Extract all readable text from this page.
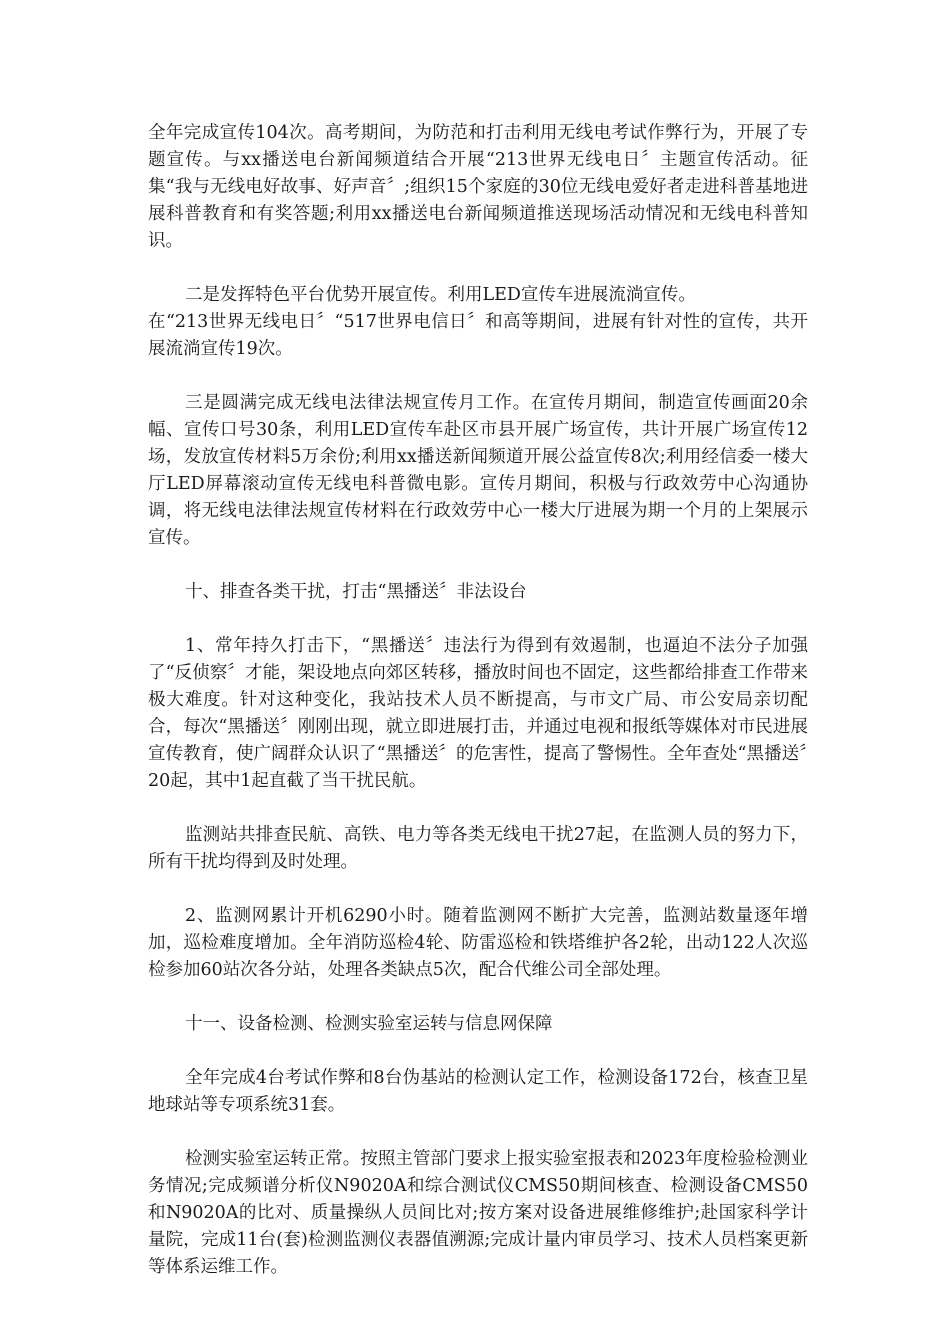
全年完成宣传104次。高考期间，为防范和打击利用无线电考试作弊行为，开展了专题宣传。与xx播送电台新闻频道结合开展“213世界无线电日〞主题宣传活动。征集“我与无线电好故事、好声音〞;组织15个家庭的30位无线电爱好者走进科普基地进展科普教育和有奖答题;利用xx播送电台新闻频道推送现场活动情况和无线电科普知识。

二是发挥特色平台优势开展宣传。利用LED宣传车进展流淌宣传。

在“213世界无线电日〞“517世界电信日〞和高等期间，进展有针对性的宣传，共开展流淌宣传19次。

三是圆满完成无线电法律法规宣传月工作。在宣传月期间，制造宣传画面20余幅、宣传口号30条，利用LED宣传车赴区市县开展广场宣传，共计开展广场宣传12场，发放宣传材料5万余份;利用xx播送新闻频道开展公益宣传8次;利用经信委一楼大厅LED屏幕滚动宣传无线电科普微电影。宣传月期间，积极与行政效劳中心沟通协调，将无线电法律法规宣传材料在行政效劳中心一楼大厅进展为期一个月的上架展示宣传。

十、排查各类干扰，打击“黑播送〞非法设台

1、常年持久打击下，“黑播送〞违法行为得到有效遏制，也逼迫不法分子加强了“反侦察〞才能，架设地点向郊区转移，播放时间也不固定，这些都给排查工作带来极大难度。针对这种变化，我站技术人员不断提高，与市文广局、市公安局亲切配合，每次“黑播送〞刚刚出现，就立即进展打击，并通过电视和报纸等媒体对市民进展宣传教育，使广阔群众认识了“黑播送〞的危害性，提高了警惕性。全年查处“黑播送〞20起，其中1起直截了当干扰民航。

监测站共排查民航、高铁、电力等各类无线电干扰27起，在监测人员的努力下，所有干扰均得到及时处理。

2、监测网累计开机6290小时。随着监测网不断扩大完善，监测站数量逐年增加，巡检难度增加。全年消防巡检4轮、防雷巡检和铁塔维护各2轮，出动122人次巡检参加60站次各分站，处理各类缺点5次，配合代维公司全部处理。

十一、设备检测、检测实验室运转与信息网保障

全年完成4台考试作弊和8台伪基站的检测认定工作，检测设备172台，核查卫星地球站等专项系统31套。

检测实验室运转正常。按照主管部门要求上报实验室报表和2023年度检验检测业务情况;完成频谱分析仪N9020A和综合测试仪CMS50期间核查、检测设备CMS50和N9020A的比对、质量操纵人员间比对;按方案对设备进展维修维护;赴国家科学计量院，完成11台(套)检测监测仪表器值溯源;完成计量内审员学习、技术人员档案更新等体系运维工作。
